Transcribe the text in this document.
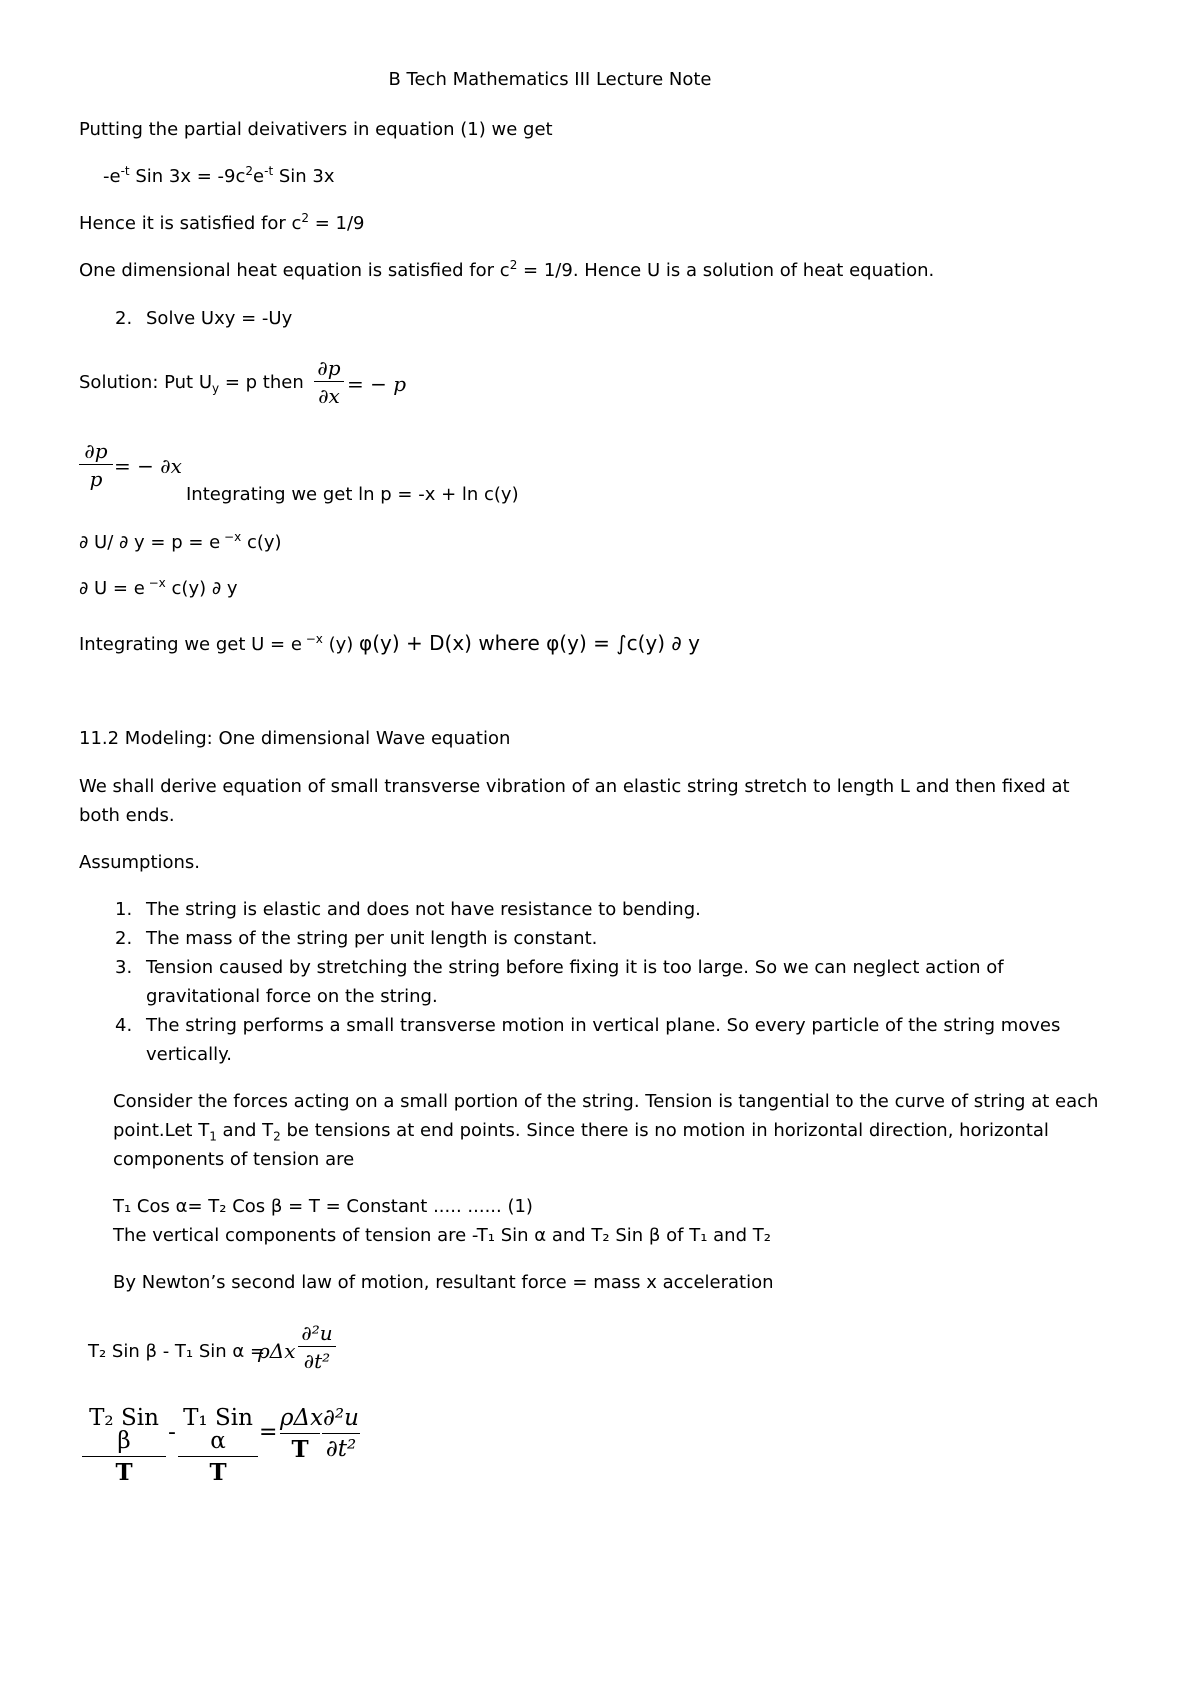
B Tech Mathematics III Lecture Note
Putting the partial deivativers in equation (1) we get
$-e^{-t}$ Sin $3x = -9c^2e^{-t}$ Sin 3x
Hence it is satisfied for $c^2 = 1/9$
One dimensional heat equation is satisfied for $c^2 = 1/9$. Hence U is a solution of heat equation.
2. Solve Uxy = -Uy
Solution: Put $U_y = p$ then
∂p
∂x = − p
∂p
p
= − ∂x
Integrating we get ln p = -x + ln c(y)
∂ U/ ∂ y = p = e $^{-x}$ c(y)
∂ U = e $^{-x}$ c(y) ∂ y
Integrating we get U = e $^{-x}$ (y) φ(y) + D(x) where φ(y) = ∫c(y) ∂ y
11.2 Modeling: One dimensional Wave equation
We shall derive equation of small transverse vibration of an elastic string stretch to length L and then fixed at
both ends.
Assumptions.
1. The string is elastic and does not have resistance to bending.
2. The mass of the string per unit length is constant.
3. Tension caused by stretching the string before fixing it is too large. So we can neglect action of
gravitational force on the string.
4. The string performs a small transverse motion in vertical plane. So every particle of the string moves
vertically.
Consider the forces acting on a small portion of the string. Tension is tangential to the curve of string at each
point.Let $T_1$ and $T_2$ be tensions at end points. Since there is no motion in horizontal direction, horizontal
components of tension are
T₁ Cos α= T₂ Cos β = T = Constant ..... ...... (1)
The vertical components of tension are -T₁ Sin α and T₂ Sin β of T₁ and T₂
By Newton’s second law of motion, resultant force = mass x acceleration
T₂ Sin β - T₁ Sin α =
ρΔx
∂²u
∂t²
T₂ Sin β
T
-
T₁ Sin α
T
=
ρΔx
T
∂²u
∂t²
